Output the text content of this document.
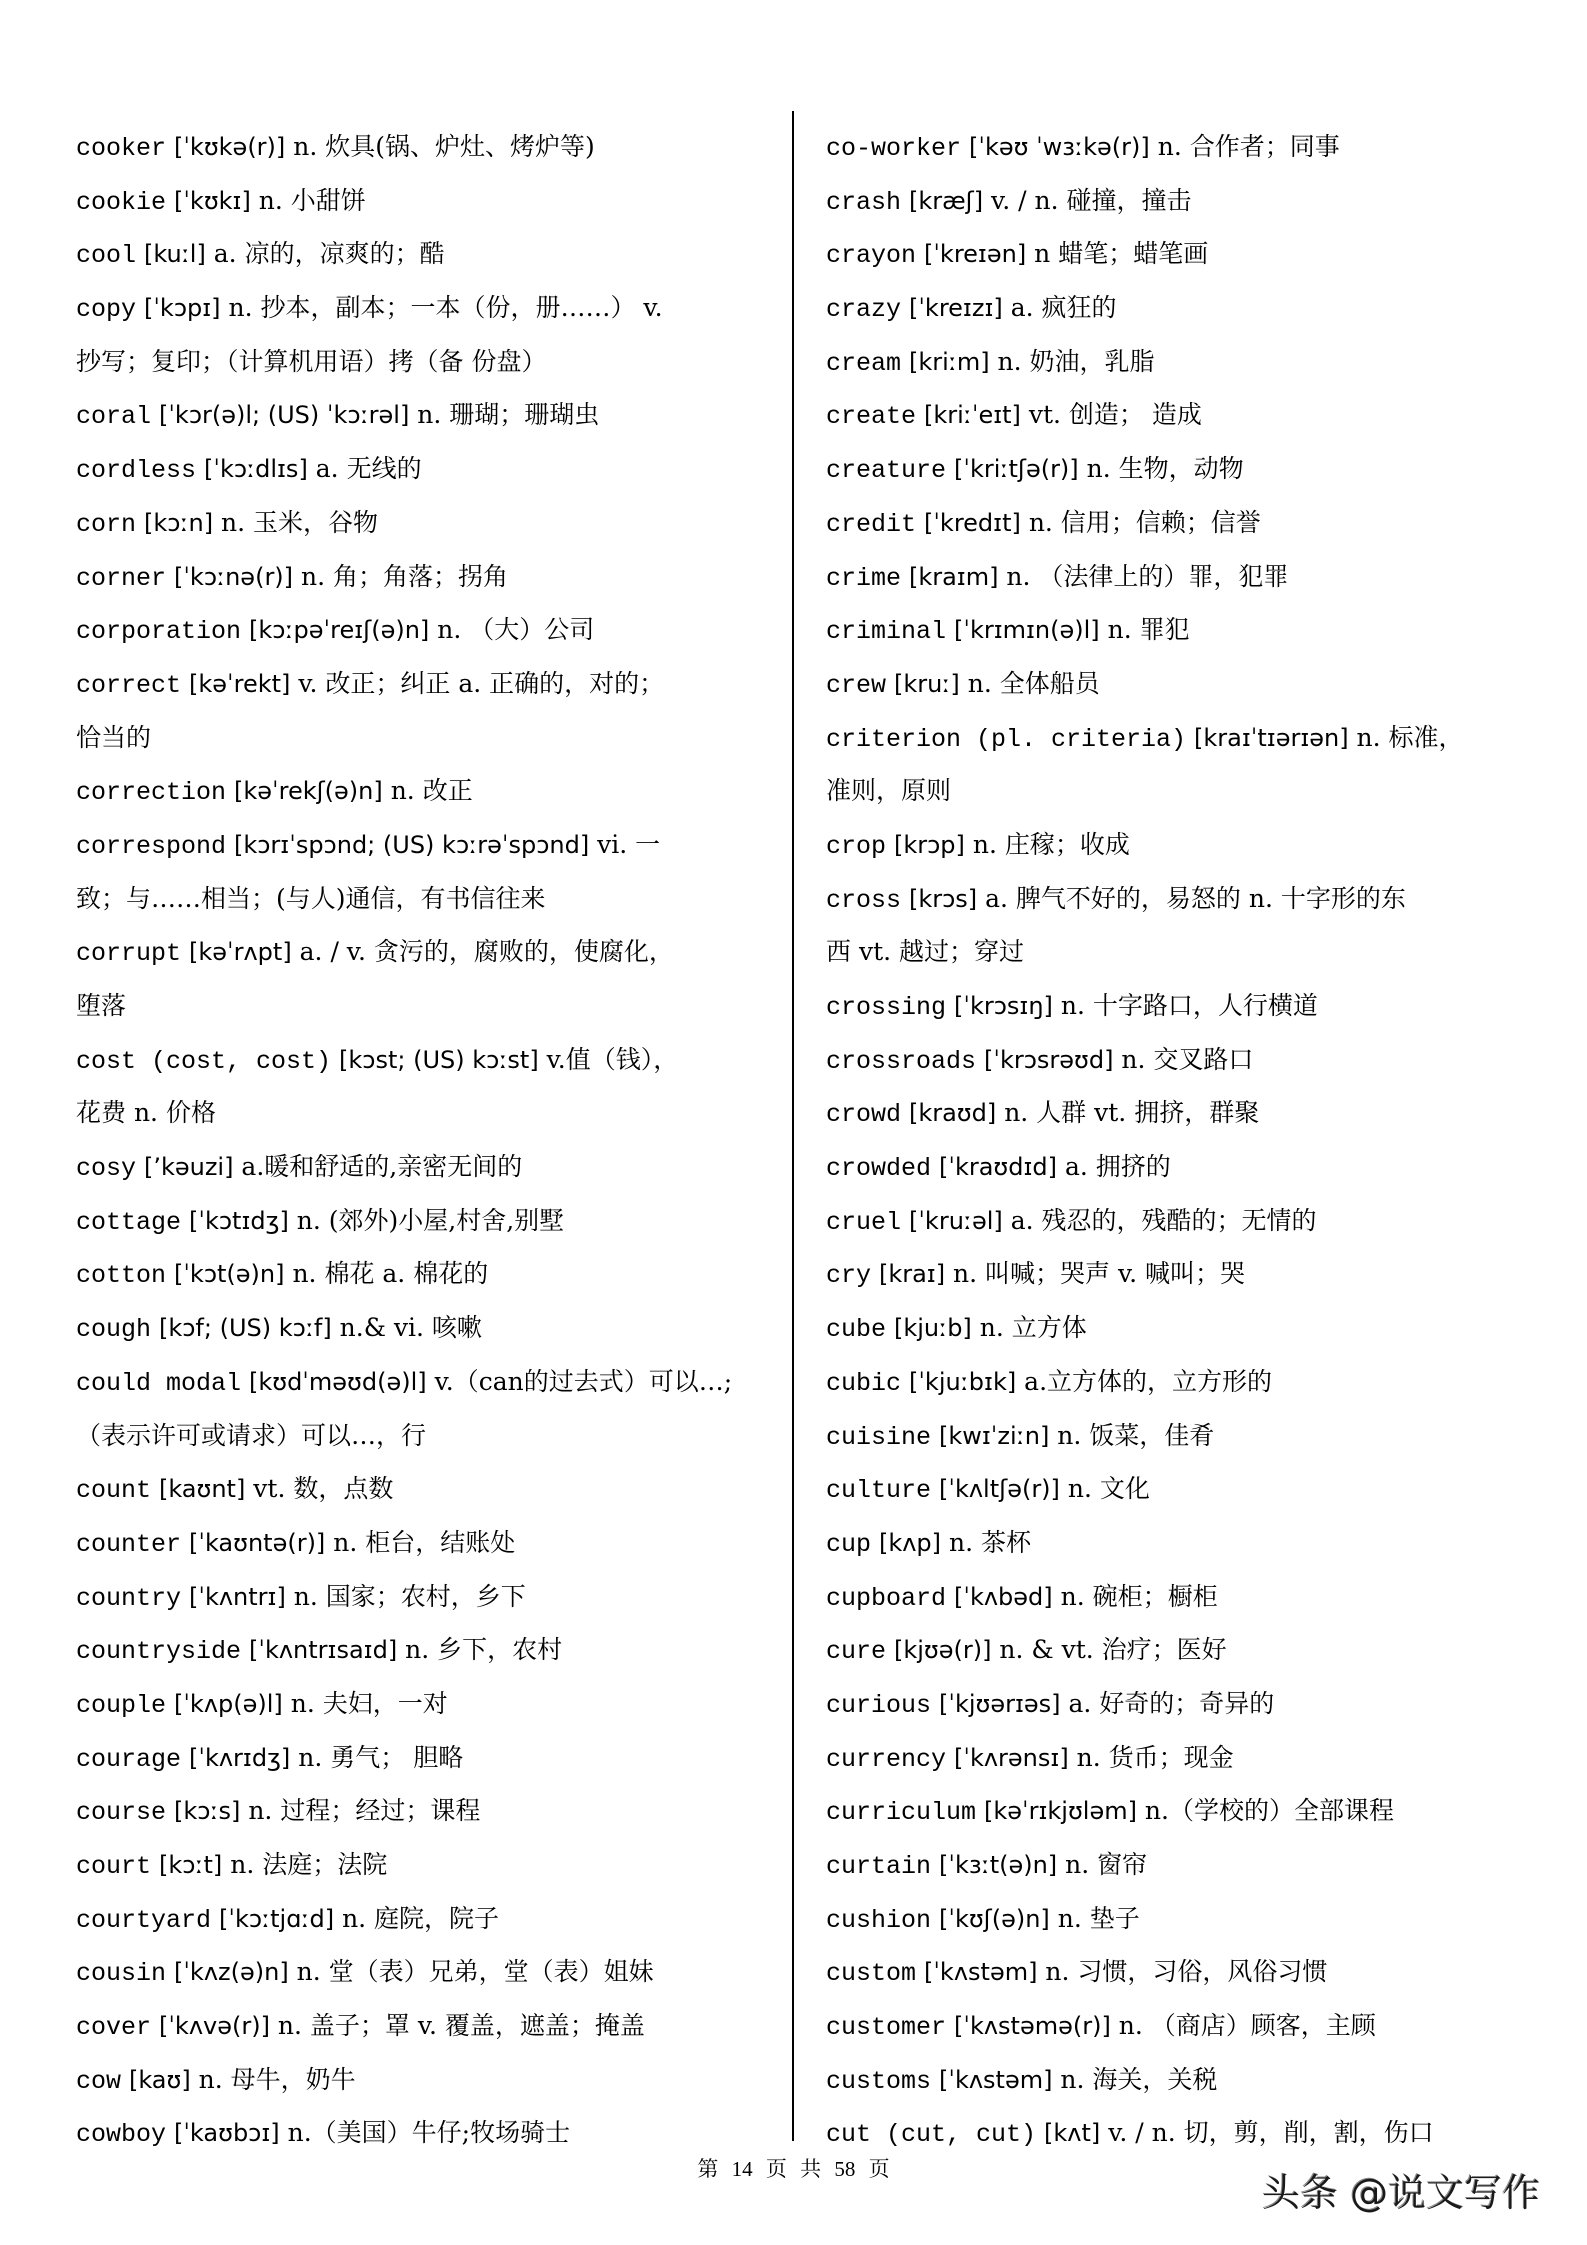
cooker [ˈkʊkə(r)] n. 炊具(锅、炉灶、烤炉等)
cookie [ˈkʊkɪ] n. 小甜饼
cool [kuːl] a. 凉的，凉爽的；酷
copy [ˈkɔpɪ] n. 抄本，副本；一本（份，册……） v.
抄写；复印；（计算机用语）拷（备 份盘）
coral [ˈkɔr(ə)l; (US) ˈkɔːrəl] n. 珊瑚；珊瑚虫
cordless [ˈkɔːdlɪs] a. 无线的
corn [kɔːn] n. 玉米，谷物
corner [ˈkɔːnə(r)] n. 角；角落；拐角
corporation [kɔːpəˈreɪʃ(ə)n] n. （大）公司
correct [kəˈrekt] v. 改正；纠正 a. 正确的，对的；
恰当的
correction [kəˈrekʃ(ə)n] n. 改正
correspond [kɔrɪˈspɔnd; (US) kɔːrəˈspɔnd] vi. 一
致；与……相当；(与人)通信，有书信往来
corrupt [kəˈrʌpt] a. / v. 贪污的，腐败的，使腐化，
堕落
cost (cost, cost) [kɔst; (US) kɔːst] v.值（钱），
花费 n. 价格
cosy [’kəuzi] a.暖和舒适的,亲密无间的
cottage [ˈkɔtɪdʒ] n. (郊外)小屋,村舍,别墅
cotton [ˈkɔt(ə)n] n. 棉花 a. 棉花的
cough [kɔf; (US) kɔːf] n.& vi. 咳嗽
could modal [kʊdˈməʊd(ə)l] v.（can的过去式）可以…;
（表示许可或请求）可以…，行
count [kaʊnt] vt. 数，点数
counter [ˈkaʊntə(r)] n. 柜台，结账处
country [ˈkʌntrɪ] n. 国家；农村，乡下
countryside [ˈkʌntrɪsaɪd] n. 乡下，农村
couple [ˈkʌp(ə)l] n. 夫妇，一对
courage [ˈkʌrɪdʒ] n. 勇气； 胆略
course [kɔːs] n. 过程；经过；课程
court [kɔːt] n. 法庭；法院
courtyard [ˈkɔːtjɑːd] n. 庭院，院子
cousin [ˈkʌz(ə)n] n. 堂（表）兄弟，堂（表）姐妹
cover [ˈkʌvə(r)] n. 盖子；罩 v. 覆盖，遮盖；掩盖
cow [kaʊ] n. 母牛，奶牛
cowboy [ˈkaʊbɔɪ] n.（美国）牛仔;牧场骑士
co-worker [ˈkəʊ ˈwɜːkə(r)] n. 合作者；同事
crash [kræʃ] v. / n. 碰撞，撞击
crayon [ˈkreɪən] n 蜡笔；蜡笔画
crazy [ˈkreɪzɪ] a. 疯狂的
cream [kriːm] n. 奶油，乳脂
create [kriːˈeɪt] vt. 创造； 造成
creature [ˈkriːtʃə(r)] n. 生物，动物
credit [ˈkredɪt] n. 信用；信赖；信誉
crime [kraɪm] n. （法律上的）罪，犯罪
criminal [ˈkrɪmɪn(ə)l] n. 罪犯
crew [kruː] n. 全体船员
criterion (pl. criteria) [kraɪˈtɪərɪən] n. 标准，
准则，原则
crop [krɔp] n. 庄稼；收成
cross [krɔs] a. 脾气不好的，易怒的 n. 十字形的东
西 vt. 越过；穿过
crossing [ˈkrɔsɪŋ] n. 十字路口，人行横道
crossroads [ˈkrɔsrəʊd] n. 交叉路口
crowd [kraʊd] n. 人群 vt. 拥挤，群聚
crowded [ˈkraʊdɪd] a. 拥挤的
cruel [ˈkruːəl] a. 残忍的，残酷的；无情的
cry [kraɪ] n. 叫喊；哭声 v. 喊叫；哭
cube [kjuːb] n. 立方体
cubic [ˈkjuːbɪk] a.立方体的，立方形的
cuisine [kwɪˈziːn] n. 饭菜，佳肴
culture [ˈkʌltʃə(r)] n. 文化
cup [kʌp] n. 茶杯
cupboard [ˈkʌbəd] n. 碗柜；橱柜
cure [kjʊə(r)] n. & vt. 治疗；医好
curious [ˈkjʊərɪəs] a. 好奇的；奇异的
currency [ˈkʌrənsɪ] n. 货币；现金
curriculum [kəˈrɪkjʊləm] n.（学校的）全部课程
curtain [ˈkɜːt(ə)n] n. 窗帘
cushion [ˈkʊʃ(ə)n] n. 垫子
custom [ˈkʌstəm] n. 习惯，习俗，风俗习惯
customer [ˈkʌstəmə(r)] n. （商店）顾客，主顾
customs [ˈkʌstəm] n. 海关，关税
cut (cut, cut) [kʌt] v. / n. 切，剪，削，割，伤口
第 14 页 共 58 页
头条 @说文写作
